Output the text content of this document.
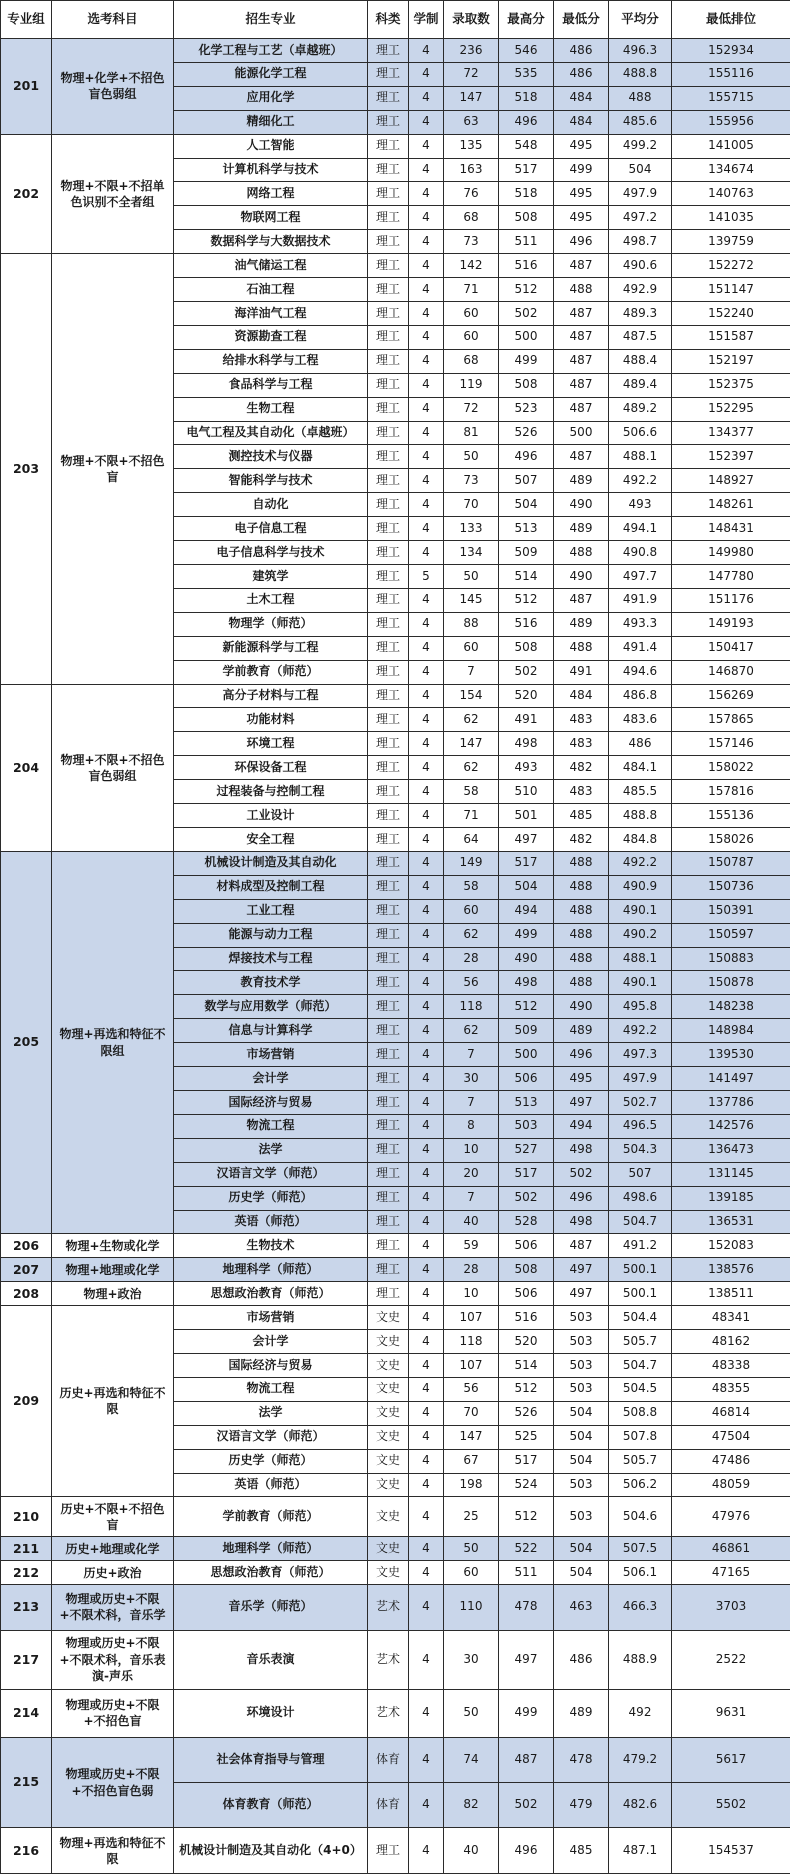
专业组	选考科目	招生专业	科类	学制	录取数	最高分	最低分	平均分	最低排位
201	物理+化学+不招色盲色弱组	化学工程与工艺（卓越班）	理工	4	236	546	486	496.3	152934
		能源化学工程	理工	4	72	535	486	488.8	155116
		应用化学	理工	4	147	518	484	488	155715
		精细化工	理工	4	63	496	484	485.6	155956
202	物理+不限+不招单色识别不全者组	人工智能	理工	4	135	548	495	499.2	141005
		计算机科学与技术	理工	4	163	517	499	504	134674
		网络工程	理工	4	76	518	495	497.9	140763
		物联网工程	理工	4	68	508	495	497.2	141035
		数据科学与大数据技术	理工	4	73	511	496	498.7	139759
203	物理+不限+不招色盲	油气储运工程	理工	4	142	516	487	490.6	152272
		石油工程	理工	4	71	512	488	492.9	151147
		海洋油气工程	理工	4	60	502	487	489.3	152240
		资源勘查工程	理工	4	60	500	487	487.5	151587
		给排水科学与工程	理工	4	68	499	487	488.4	152197
		食品科学与工程	理工	4	119	508	487	489.4	152375
		生物工程	理工	4	72	523	487	489.2	152295
		电气工程及其自动化（卓越班）	理工	4	81	526	500	506.6	134377
		测控技术与仪器	理工	4	50	496	487	488.1	152397
		智能科学与技术	理工	4	73	507	489	492.2	148927
		自动化	理工	4	70	504	490	493	148261
		电子信息工程	理工	4	133	513	489	494.1	148431
		电子信息科学与技术	理工	4	134	509	488	490.8	149980
		建筑学	理工	5	50	514	490	497.7	147780
		土木工程	理工	4	145	512	487	491.9	151176
		物理学（师范）	理工	4	88	516	489	493.3	149193
		新能源科学与工程	理工	4	60	508	488	491.4	150417
		学前教育（师范）	理工	4	7	502	491	494.6	146870
204	物理+不限+不招色盲色弱组	高分子材料与工程	理工	4	154	520	484	486.8	156269
		功能材料	理工	4	62	491	483	483.6	157865
		环境工程	理工	4	147	498	483	486	157146
		环保设备工程	理工	4	62	493	482	484.1	158022
		过程装备与控制工程	理工	4	58	510	483	485.5	157816
		工业设计	理工	4	71	501	485	488.8	155136
		安全工程	理工	4	64	497	482	484.8	158026
205	物理+再选和特征不限组	机械设计制造及其自动化	理工	4	149	517	488	492.2	150787
		材料成型及控制工程	理工	4	58	504	488	490.9	150736
		工业工程	理工	4	60	494	488	490.1	150391
		能源与动力工程	理工	4	62	499	488	490.2	150597
		焊接技术与工程	理工	4	28	490	488	488.1	150883
		教育技术学	理工	4	56	498	488	490.1	150878
		数学与应用数学（师范）	理工	4	118	512	490	495.8	148238
		信息与计算科学	理工	4	62	509	489	492.2	148984
		市场营销	理工	4	7	500	496	497.3	139530
		会计学	理工	4	30	506	495	497.9	141497
		国际经济与贸易	理工	4	7	513	497	502.7	137786
		物流工程	理工	4	8	503	494	496.5	142576
		法学	理工	4	10	527	498	504.3	136473
		汉语言文学（师范）	理工	4	20	517	502	507	131145
		历史学（师范）	理工	4	7	502	496	498.6	139185
		英语（师范）	理工	4	40	528	498	504.7	136531
206	物理+生物或化学	生物技术	理工	4	59	506	487	491.2	152083
207	物理+地理或化学	地理科学（师范）	理工	4	28	508	497	500.1	138576
208	物理+政治	思想政治教育（师范）	理工	4	10	506	497	500.1	138511
209	历史+再选和特征不限	市场营销	文史	4	107	516	503	504.4	48341
		会计学	文史	4	118	520	503	505.7	48162
		国际经济与贸易	文史	4	107	514	503	504.7	48338
		物流工程	文史	4	56	512	503	504.5	48355
		法学	文史	4	70	526	504	508.8	46814
		汉语言文学（师范）	文史	4	147	525	504	507.8	47504
		历史学（师范）	文史	4	67	517	504	505.7	47486
		英语（师范）	文史	4	198	524	503	506.2	48059
210	历史+不限+不招色盲	学前教育（师范）	文史	4	25	512	503	504.6	47976
211	历史+地理或化学	地理科学（师范）	文史	4	50	522	504	507.5	46861
212	历史+政治	思想政治教育（师范）	文史	4	60	511	504	506.1	47165
213	物理或历史+不限+不限术科，音乐学	音乐学（师范）	艺术	4	110	478	463	466.3	3703
217	物理或历史+不限+不限术科，音乐表演-声乐	音乐表演	艺术	4	30	497	486	488.9	2522
214	物理或历史+不限+不招色盲	环境设计	艺术	4	50	499	489	492	9631
215	物理或历史+不限+不招色盲色弱	社会体育指导与管理	体育	4	74	487	478	479.2	5617
		体育教育（师范）	体育	4	82	502	479	482.6	5502
216	物理+再选和特征不限	机械设计制造及其自动化（4+0）	理工	4	40	496	485	487.1	154537
